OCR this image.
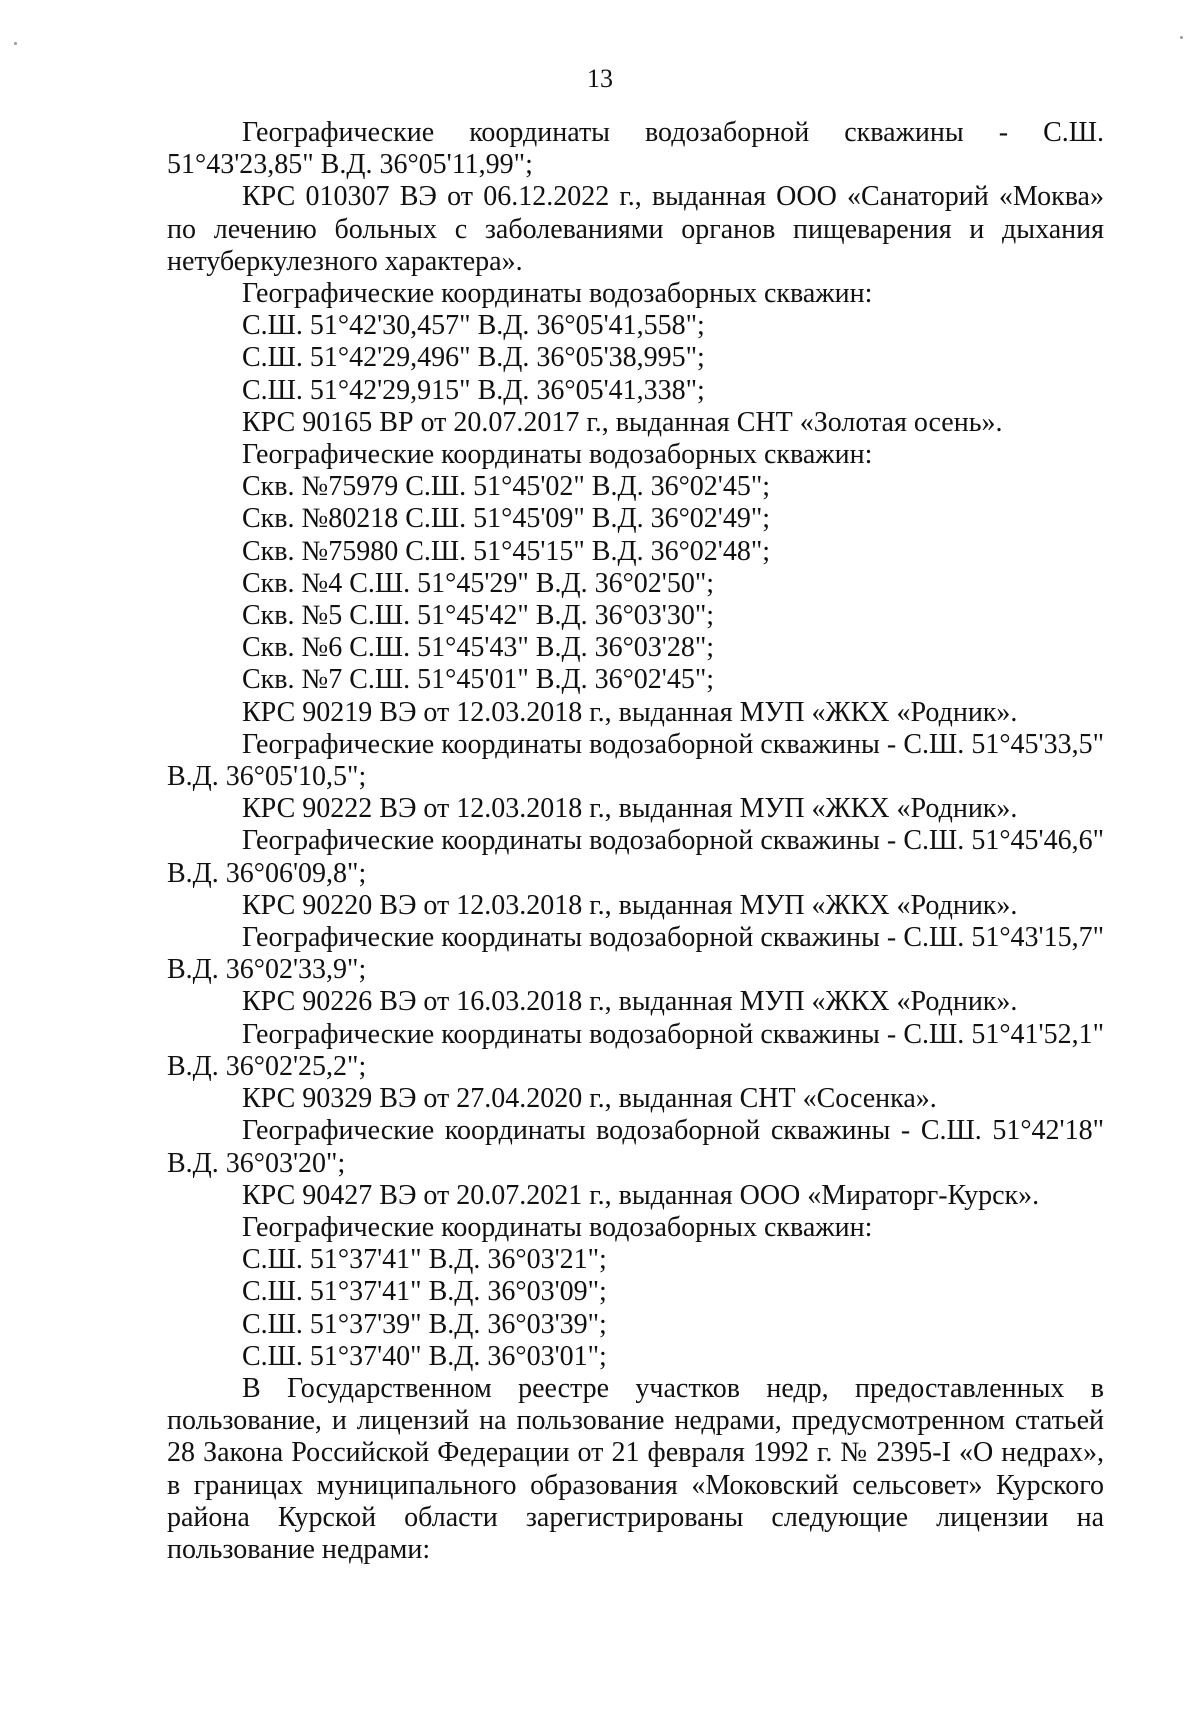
13

Географические координаты водозаборной скважины - С.Ш. 51°43'23,85" В.Д. 36°05'11,99";

КРС 010307 ВЭ от 06.12.2022 г., выданная ООО «Санаторий «Моква» по лечению больных с заболеваниями органов пищеварения и дыхания нетуберкулезного характера».

Географические координаты водозаборных скважин:

С.Ш. 51°42'30,457" В.Д. 36°05'41,558";

С.Ш. 51°42'29,496" В.Д. 36°05'38,995";

С.Ш. 51°42'29,915" В.Д. 36°05'41,338";

КРС 90165 ВР от 20.07.2017 г., выданная СНТ «Золотая осень».

Географические координаты водозаборных скважин:

Скв. №75979 С.Ш. 51°45'02" В.Д. 36°02'45";

Скв. №80218 С.Ш. 51°45'09" В.Д. 36°02'49";

Скв. №75980 С.Ш. 51°45'15" В.Д. 36°02'48";

Скв. №4 С.Ш. 51°45'29" В.Д. 36°02'50";

Скв. №5 С.Ш. 51°45'42" В.Д. 36°03'30";

Скв. №6 С.Ш. 51°45'43" В.Д. 36°03'28";

Скв. №7 С.Ш. 51°45'01" В.Д. 36°02'45";

КРС 90219 ВЭ от 12.03.2018 г., выданная МУП «ЖКХ «Родник».

Географические координаты водозаборной скважины - С.Ш. 51°45'33,5" В.Д. 36°05'10,5";

КРС 90222 ВЭ от 12.03.2018 г., выданная МУП «ЖКХ «Родник».

Географические координаты водозаборной скважины - С.Ш. 51°45'46,6" В.Д. 36°06'09,8";

КРС 90220 ВЭ от 12.03.2018 г., выданная МУП «ЖКХ «Родник».

Географические координаты водозаборной скважины - С.Ш. 51°43'15,7" В.Д. 36°02'33,9";

КРС 90226 ВЭ от 16.03.2018 г., выданная МУП «ЖКХ «Родник».

Географические координаты водозаборной скважины - С.Ш. 51°41'52,1" В.Д. 36°02'25,2";

КРС 90329 ВЭ от 27.04.2020 г., выданная СНТ «Сосенка».

Географические координаты водозаборной скважины - С.Ш. 51°42'18" В.Д. 36°03'20";

КРС 90427 ВЭ от 20.07.2021 г., выданная ООО «Мираторг-Курск».

Географические координаты водозаборных скважин:

С.Ш. 51°37'41" В.Д. 36°03'21";

С.Ш. 51°37'41" В.Д. 36°03'09";

С.Ш. 51°37'39" В.Д. 36°03'39";

С.Ш. 51°37'40" В.Д. 36°03'01";

В Государственном реестре участков недр, предоставленных в пользование, и лицензий на пользование недрами, предусмотренном статьей 28 Закона Российской Федерации от 21 февраля 1992 г. № 2395-I «О недрах», в границах муниципального образования «Моковский сельсовет» Курского района Курской области зарегистрированы следующие лицензии на пользование недрами:
